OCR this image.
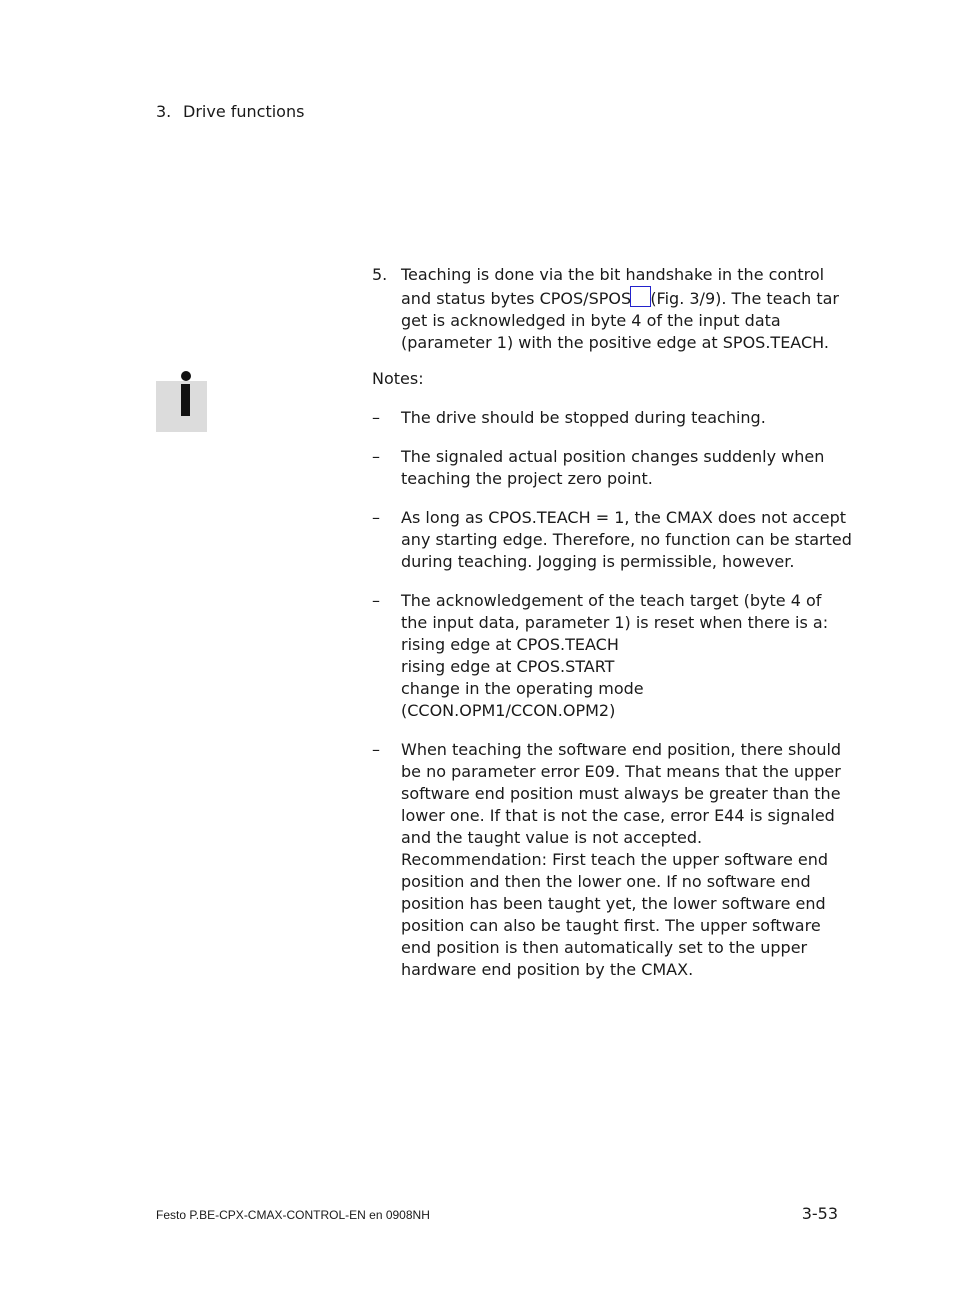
3. Drive functions
5. Teaching is done via the bit handshake in the control and status bytes CPOS/SPOS (Fig. 3/9). The teach tar get is acknowledged in byte 4 of the input data (parameter 1) with the positive edge at SPOS.TEACH.
Notes:
– The drive should be stopped during teaching.
– The signaled actual position changes suddenly when teaching the project zero point.
– As long as CPOS.TEACH = 1, the CMAX does not accept any starting edge. Therefore, no function can be started during teaching. Jogging is permissible, however.
– The acknowledgement of the teach target (byte 4 of the input data, parameter 1) is reset when there is a:
rising edge at CPOS.TEACH
rising edge at CPOS.START
change in the operating mode (CCON.OPM1/CCON.OPM2)
– When teaching the software end position, there should be no parameter error E09. That means that the upper software end position must always be greater than the lower one. If that is not the case, error E44 is signaled and the taught value is not accepted.
Recommendation: First teach the upper software end position and then the lower one. If no software end position has been taught yet, the lower software end position can also be taught first. The upper software end position is then automatically set to the upper hardware end position by the CMAX.
Festo P.BE-CPX-CMAX-CONTROL-EN en 0908NH	3-53
